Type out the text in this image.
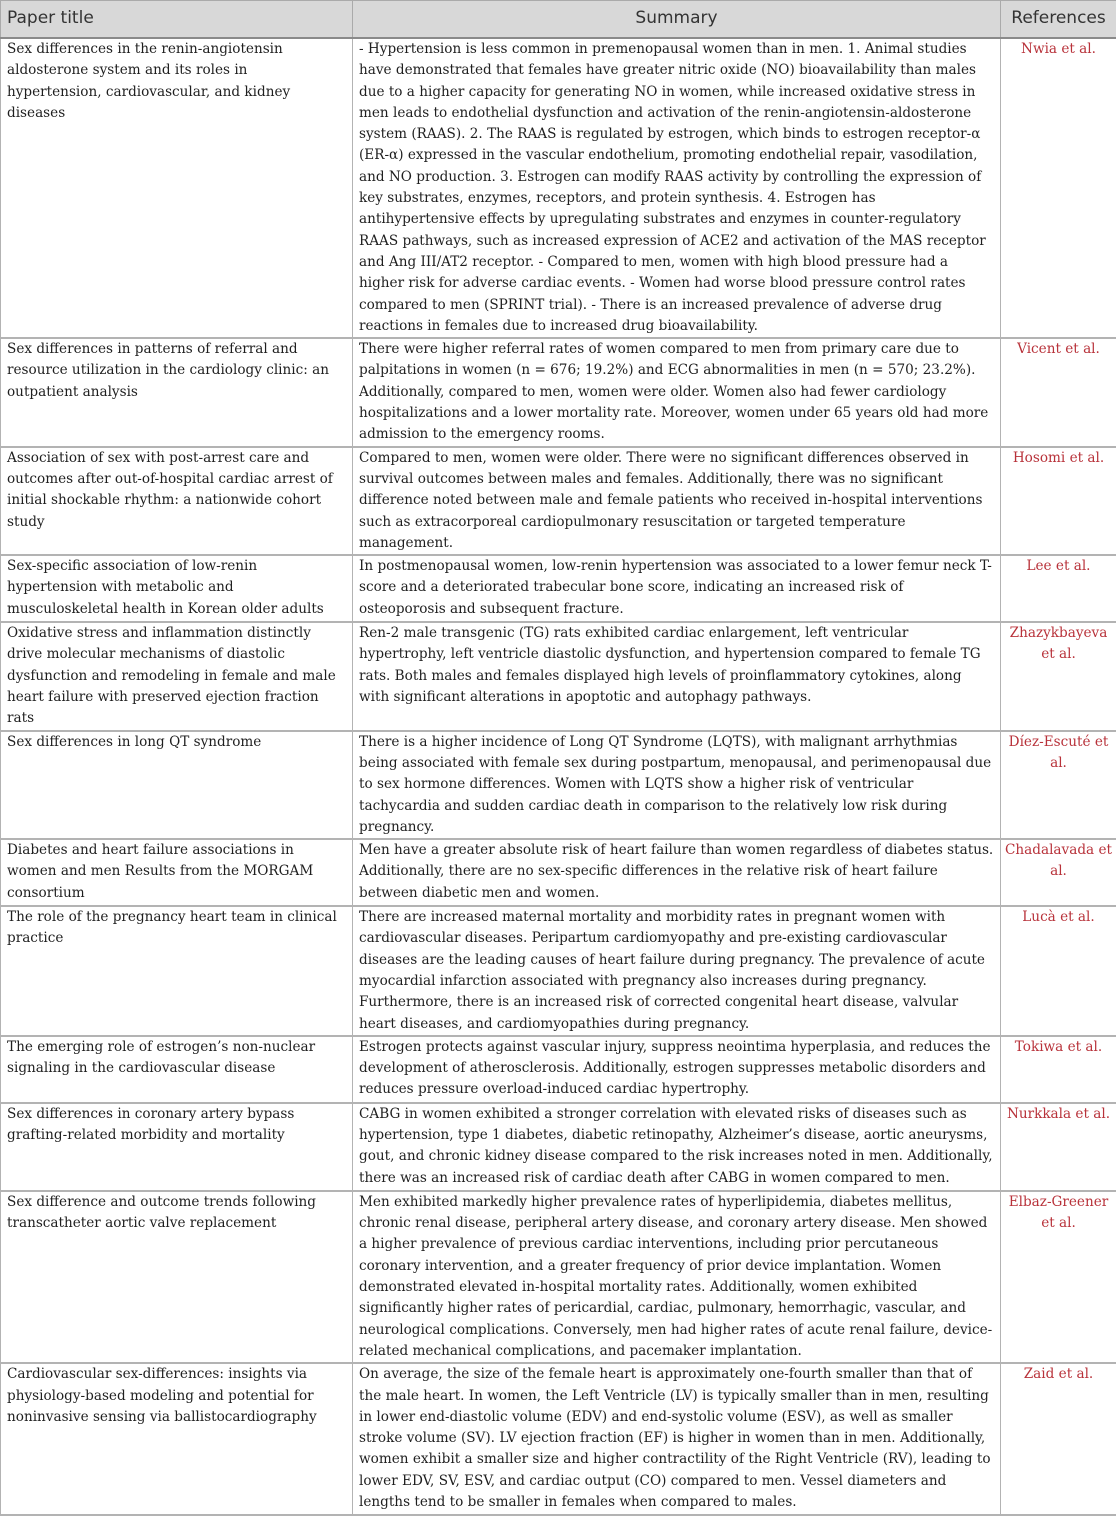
Paper title	Summary	References
Sex differences in the renin-angiotensin aldosterone system and its roles in hypertension, cardiovascular, and kidney diseases	- Hypertension is less common in premenopausal women than in men. 1. Animal studies have demonstrated that females have greater nitric oxide (NO) bioavailability than males due to a higher capacity for generating NO in women, while increased oxidative stress in men leads to endothelial dysfunction and activation of the renin-angiotensin-aldosterone system (RAAS). 2. The RAAS is regulated by estrogen, which binds to estrogen receptor-α (ER-α) expressed in the vascular endothelium, promoting endothelial repair, vasodilation, and NO production. 3. Estrogen can modify RAAS activity by controlling the expression of key substrates, enzymes, receptors, and protein synthesis. 4. Estrogen has antihypertensive effects by upregulating substrates and enzymes in counter-regulatory RAAS pathways, such as increased expression of ACE2 and activation of the MAS receptor and Ang III/AT2 receptor. - Compared to men, women with high blood pressure had a higher risk for adverse cardiac events. - Women had worse blood pressure control rates compared to men (SPRINT trial). - There is an increased prevalence of adverse drug reactions in females due to increased drug bioavailability.	Nwia et al.
Sex differences in patterns of referral and resource utilization in the cardiology clinic: an outpatient analysis	There were higher referral rates of women compared to men from primary care due to palpitations in women (n = 676; 19.2%) and ECG abnormalities in men (n = 570; 23.2%). Additionally, compared to men, women were older. Women also had fewer cardiology hospitalizations and a lower mortality rate. Moreover, women under 65 years old had more admission to the emergency rooms.	Vicent et al.
Association of sex with post-arrest care and outcomes after out-of-hospital cardiac arrest of initial shockable rhythm: a nationwide cohort study	Compared to men, women were older. There were no significant differences observed in survival outcomes between males and females. Additionally, there was no significant difference noted between male and female patients who received in-hospital interventions such as extracorporeal cardiopulmonary resuscitation or targeted temperature management.	Hosomi et al.
Sex-specific association of low-renin hypertension with metabolic and musculoskeletal health in Korean older adults	In postmenopausal women, low-renin hypertension was associated to a lower femur neck T-score and a deteriorated trabecular bone score, indicating an increased risk of osteoporosis and subsequent fracture.	Lee et al.
Oxidative stress and inflammation distinctly drive molecular mechanisms of diastolic dysfunction and remodeling in female and male heart failure with preserved ejection fraction rats	Ren-2 male transgenic (TG) rats exhibited cardiac enlargement, left ventricular hypertrophy, left ventricle diastolic dysfunction, and hypertension compared to female TG rats. Both males and females displayed high levels of proinflammatory cytokines, along with significant alterations in apoptotic and autophagy pathways.	Zhazykbayeva et al.
Sex differences in long QT syndrome	There is a higher incidence of Long QT Syndrome (LQTS), with malignant arrhythmias being associated with female sex during postpartum, menopausal, and perimenopausal due to sex hormone differences. Women with LQTS show a higher risk of ventricular tachycardia and sudden cardiac death in comparison to the relatively low risk during pregnancy.	Díez-Escuté et al.
Diabetes and heart failure associations in women and men Results from the MORGAM consortium	Men have a greater absolute risk of heart failure than women regardless of diabetes status. Additionally, there are no sex-specific differences in the relative risk of heart failure between diabetic men and women.	Chadalavada et al.
The role of the pregnancy heart team in clinical practice	There are increased maternal mortality and morbidity rates in pregnant women with cardiovascular diseases. Peripartum cardiomyopathy and pre-existing cardiovascular diseases are the leading causes of heart failure during pregnancy. The prevalence of acute myocardial infarction associated with pregnancy also increases during pregnancy. Furthermore, there is an increased risk of corrected congenital heart disease, valvular heart diseases, and cardiomyopathies during pregnancy.	Lucà et al.
The emerging role of estrogen’s non-nuclear signaling in the cardiovascular disease	Estrogen protects against vascular injury, suppress neointima hyperplasia, and reduces the development of atherosclerosis. Additionally, estrogen suppresses metabolic disorders and reduces pressure overload-induced cardiac hypertrophy.	Tokiwa et al.
Sex differences in coronary artery bypass grafting-related morbidity and mortality	CABG in women exhibited a stronger correlation with elevated risks of diseases such as hypertension, type 1 diabetes, diabetic retinopathy, Alzheimer’s disease, aortic aneurysms, gout, and chronic kidney disease compared to the risk increases noted in men. Additionally, there was an increased risk of cardiac death after CABG in women compared to men.	Nurkkala et al.
Sex difference and outcome trends following transcatheter aortic valve replacement	Men exhibited markedly higher prevalence rates of hyperlipidemia, diabetes mellitus, chronic renal disease, peripheral artery disease, and coronary artery disease. Men showed a higher prevalence of previous cardiac interventions, including prior percutaneous coronary intervention, and a greater frequency of prior device implantation. Women demonstrated elevated in-hospital mortality rates. Additionally, women exhibited significantly higher rates of pericardial, cardiac, pulmonary, hemorrhagic, vascular, and neurological complications. Conversely, men had higher rates of acute renal failure, device-related mechanical complications, and pacemaker implantation.	Elbaz-Greener et al.
Cardiovascular sex-differences: insights via physiology-based modeling and potential for noninvasive sensing via ballistocardiography	On average, the size of the female heart is approximately one-fourth smaller than that of the male heart. In women, the Left Ventricle (LV) is typically smaller than in men, resulting in lower end-diastolic volume (EDV) and end-systolic volume (ESV), as well as smaller stroke volume (SV). LV ejection fraction (EF) is higher in women than in men. Additionally, women exhibit a smaller size and higher contractility of the Right Ventricle (RV), leading to lower EDV, SV, ESV, and cardiac output (CO) compared to men. Vessel diameters and lengths tend to be smaller in females when compared to males.	Zaid et al.
